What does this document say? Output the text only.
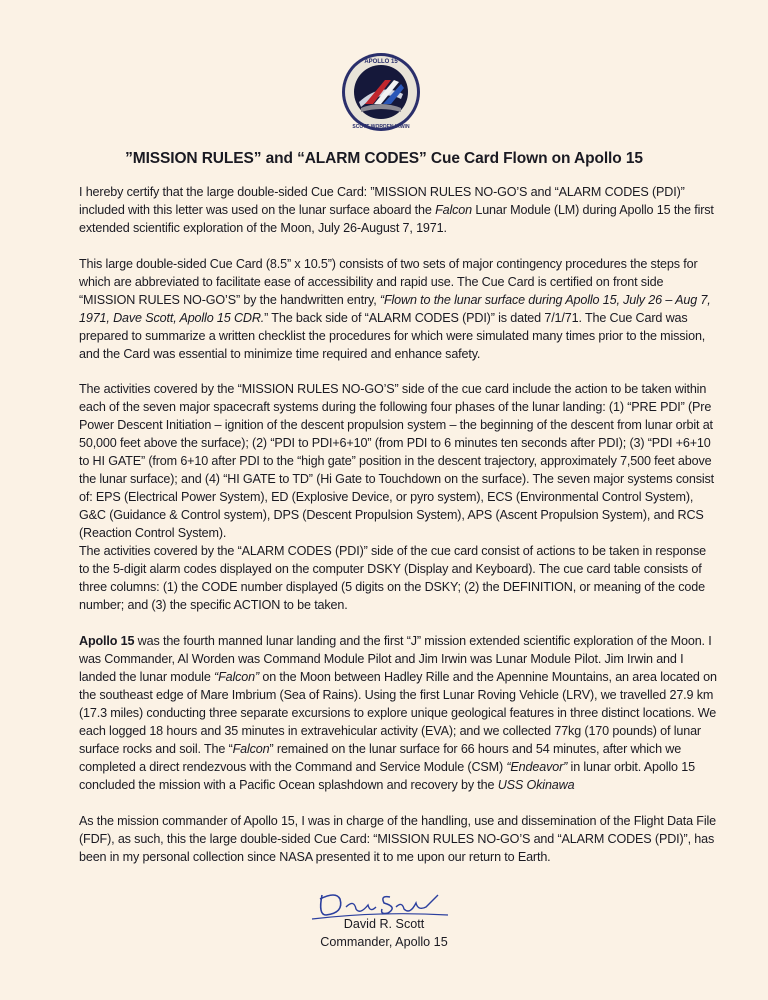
APOLLO 15
SCOTT WORDEN IRWIN
”MISSION RULES” and “ALARM CODES” Cue Card Flown on Apollo 15

I hereby certify that the large double-sided Cue Card: ”MISSION RULES NO-GO’S and “ALARM CODES (PDI)” included with this letter was used on the lunar surface aboard the Falcon Lunar Module (LM) during Apollo 15 the first extended scientific exploration of the Moon, July 26-August 7, 1971.

This large double-sided Cue Card (8.5” x 10.5”) consists of two sets of major contingency procedures the steps for which are abbreviated to facilitate ease of accessibility and rapid use. The Cue Card is certified on front side “MISSION RULES NO-GO’S” by the handwritten entry, “Flown to the lunar surface during Apollo 15, July 26 – Aug 7, 1971, Dave Scott, Apollo 15 CDR.” The back side of “ALARM CODES (PDI)” is dated 7/1/71. The Cue Card was prepared to summarize a written checklist the procedures for which were simulated many times prior to the mission, and the Card was essential to minimize time required and enhance safety.

The activities covered by the “MISSION RULES NO-GO’S” side of the cue card include the action to be taken within each of the seven major spacecraft systems during the following four phases of the lunar landing: (1) “PRE PDI” (Pre Power Descent Initiation – ignition of the descent propulsion system – the beginning of the descent from lunar orbit at 50,000 feet above the surface); (2) “PDI to PDI+6+10” (from PDI to 6 minutes ten seconds after PDI); (3) “PDI +6+10 to HI GATE” (from 6+10 after PDI to the “high gate” position in the descent trajectory, approximately 7,500 feet above the lunar surface); and (4) “HI GATE to TD” (Hi Gate to Touchdown on the surface). The seven major systems consist of: EPS (Electrical Power System), ED (Explosive Device, or pyro system), ECS (Environmental Control System), G&C (Guidance & Control system), DPS (Descent Propulsion System), APS (Ascent Propulsion System), and RCS (Reaction Control System).

The activities covered by the “ALARM CODES (PDI)” side of the cue card consist of actions to be taken in response to the 5-digit alarm codes displayed on the computer DSKY (Display and Keyboard). The cue card table consists of three columns: (1) the CODE number displayed (5 digits on the DSKY; (2) the DEFINITION, or meaning of the code number; and (3) the specific ACTION to be taken.

Apollo 15 was the fourth manned lunar landing and the first “J” mission extended scientific exploration of the Moon. I was Commander, Al Worden was Command Module Pilot and Jim Irwin was Lunar Module Pilot. Jim Irwin and I landed the lunar module “Falcon” on the Moon between Hadley Rille and the Apennine Mountains, an area located on the southeast edge of Mare Imbrium (Sea of Rains). Using the first Lunar Roving Vehicle (LRV), we travelled 27.9 km (17.3 miles) conducting three separate excursions to explore unique geological features in three distinct locations. We each logged 18 hours and 35 minutes in extravehicular activity (EVA); and we collected 77kg (170 pounds) of lunar surface rocks and soil. The “Falcon” remained on the lunar surface for 66 hours and 54 minutes, after which we completed a direct rendezvous with the Command and Service Module (CSM) “Endeavor” in lunar orbit. Apollo 15 concluded the mission with a Pacific Ocean splashdown and recovery by the USS Okinawa

As the mission commander of Apollo 15, I was in charge of the handling, use and dissemination of the Flight Data File (FDF), as such, this the large double-sided Cue Card: “MISSION RULES NO-GO’S and “ALARM CODES (PDI)”, has been in my personal collection since NASA presented it to me upon our return to Earth.

David R. Scott
Commander, Apollo 15
